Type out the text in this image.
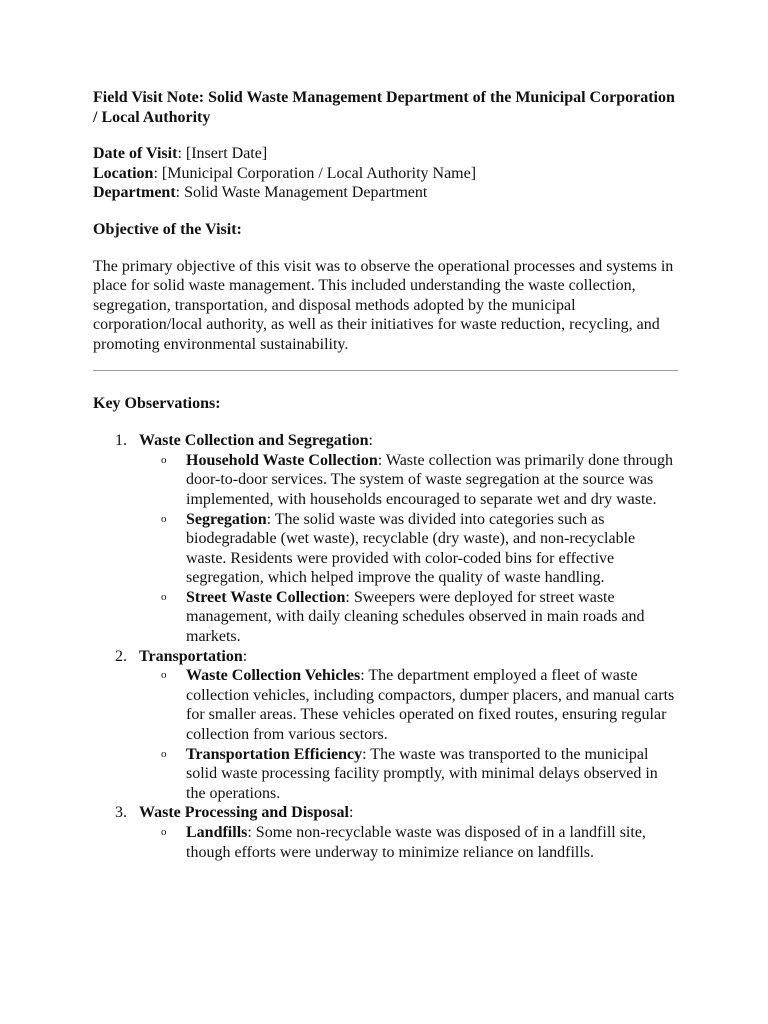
Field Visit Note: Solid Waste Management Department of the Municipal Corporation / Local Authority
Date of Visit: [Insert Date]
Location: [Municipal Corporation / Local Authority Name]
Department: Solid Waste Management Department
Objective of the Visit:

The primary objective of this visit was to observe the operational processes and systems in place for solid waste management. This included understanding the waste collection, segregation, transportation, and disposal methods adopted by the municipal corporation/local authority, as well as their initiatives for waste reduction, recycling, and promoting environmental sustainability.

Key Observations:
1. Waste Collection and Segregation:
o Household Waste Collection: Waste collection was primarily done through door-to-door services. The system of waste segregation at the source was implemented, with households encouraged to separate wet and dry waste.
o Segregation: The solid waste was divided into categories such as biodegradable (wet waste), recyclable (dry waste), and non-recyclable waste. Residents were provided with color-coded bins for effective segregation, which helped improve the quality of waste handling.
o Street Waste Collection: Sweepers were deployed for street waste management, with daily cleaning schedules observed in main roads and markets.
2. Transportation:
o Waste Collection Vehicles: The department employed a fleet of waste collection vehicles, including compactors, dumper placers, and manual carts for smaller areas. These vehicles operated on fixed routes, ensuring regular collection from various sectors.
o Transportation Efficiency: The waste was transported to the municipal solid waste processing facility promptly, with minimal delays observed in the operations.
3. Waste Processing and Disposal:
o Landfills: Some non-recyclable waste was disposed of in a landfill site, though efforts were underway to minimize reliance on landfills.
